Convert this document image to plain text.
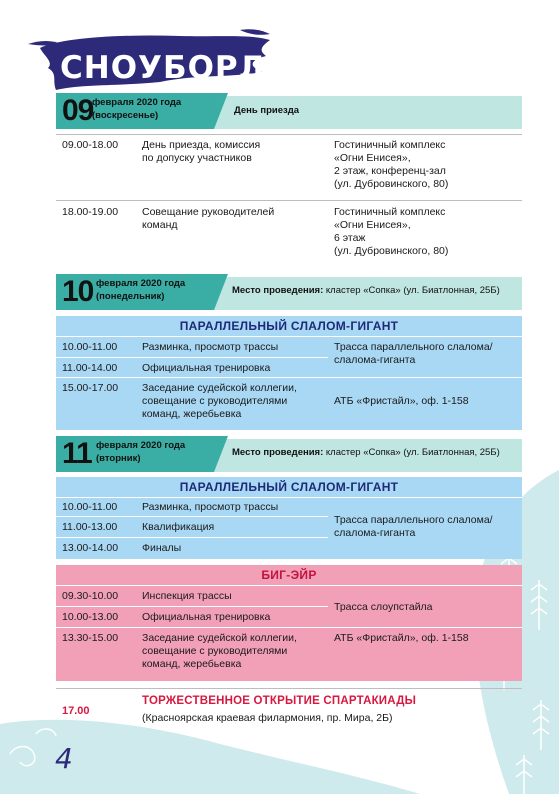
СНОУБОРД
09
февраля 2020 года
(воскресенье)	День приезда
09.00-18.00 День приезда, комиссия
по допуску участников
Гостиничный комплекс
«Огни Енисея»,
2 этаж, конференц-зал
(ул. Дубровинского, 80)
18.00-19.00 Совещание руководителей
команд
Гостиничный комплекс
«Огни Енисея»,
6 этаж
(ул. Дубровинского, 80)
10 февраля 2020 года
(понедельник)
Место проведения: кластер «Сопка» (ул. Биатлонная, 25Б)
ПАРАЛЛЕЛЬНЫЙ СЛАЛОМ-ГИГАНТ
10.00-11.00 Разминка, просмотр трассы
11.00-14.00 Официальная тренировка
Трасса параллельного слалома/
слалома-гиганта
15.00-17.00 Заседание судейской коллегии,
совещание с руководителями
команд, жеребьевка
АТБ «Фристайл», оф. 1-158
11 февраля 2020 года
(вторник)
Место проведения: кластер «Сопка» (ул. Биатлонная, 25Б)
ПАРАЛЛЕЛЬНЫЙ СЛАЛОМ-ГИГАНТ
10.00-11.00 Разминка, просмотр трассы
11.00-13.00 Квалификация
13.00-14.00 Финалы
Трасса параллельного слалома/
слалома-гиганта
БИГ-ЭЙР
09.30-10.00 Инспекция трассы
10.00-13.00 Официальная тренировка
Трасса слоупстайла
13.30-15.00 Заседание судейской коллегии,
совещание с руководителями
команд, жеребьевка
АТБ «Фристайл», оф. 1-158
17.00
ТОРЖЕСТВЕННОЕ ОТКРЫТИЕ СПАРТАКИАДЫ
(Красноярская краевая филармония, пр. Мира, 2Б)
4
